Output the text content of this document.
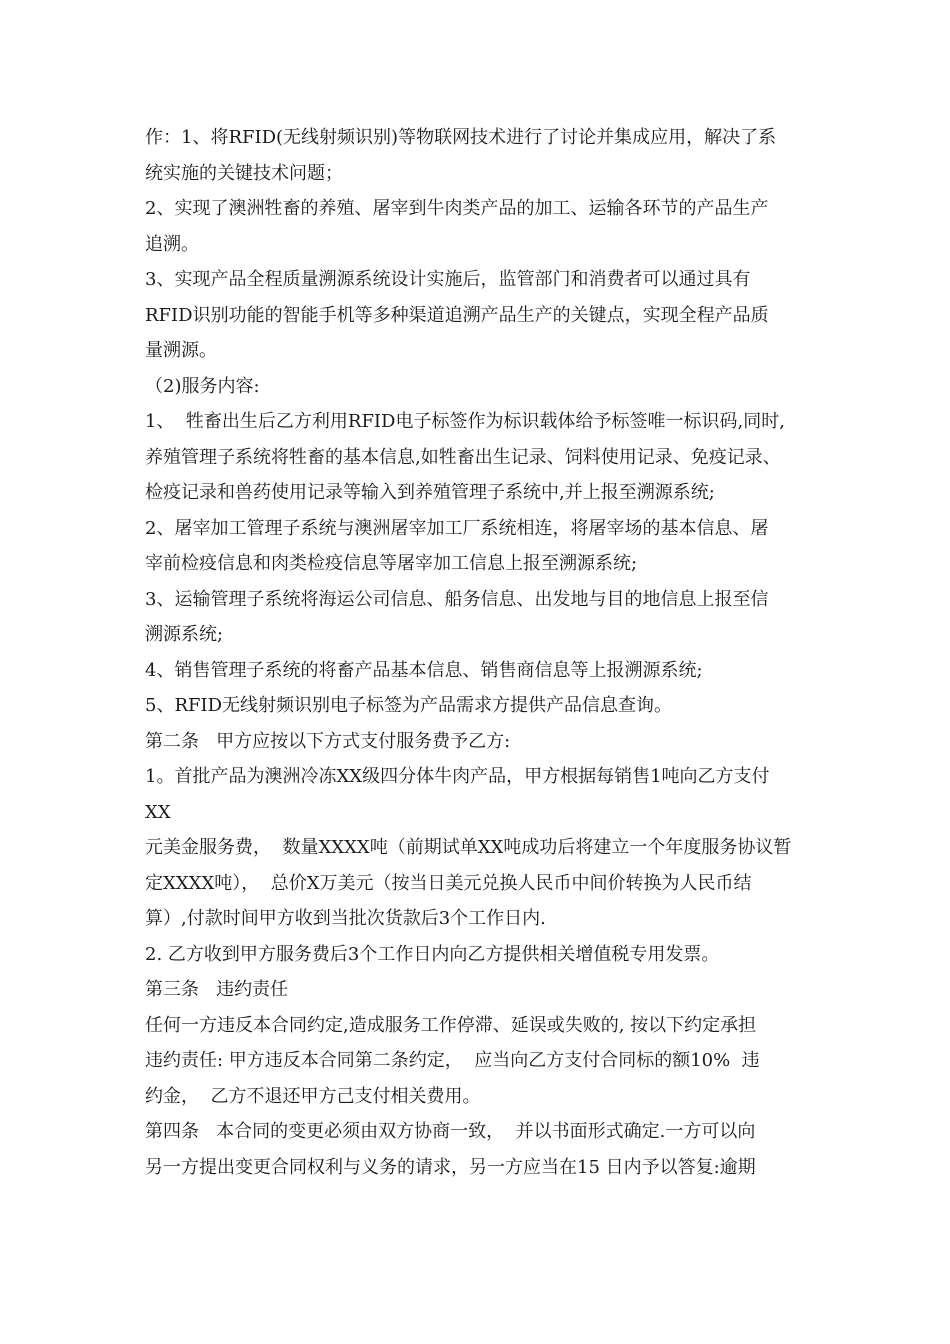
作：1、将RFID(无线射频识别)等物联网技术进行了讨论并集成应用，解决了系
统实施的关键技术问题；
2、实现了澳洲牲畜的养殖、屠宰到牛肉类产品的加工、运输各环节的产品生产
追溯。
3、实现产品全程质量溯源系统设计实施后，监管部门和消费者可以通过具有
RFID识别功能的智能手机等多种渠道追溯产品生产的关键点，实现全程产品质
量溯源。
（2)服务内容:
1、  牲畜出生后乙方利用RFID电子标签作为标识载体给予标签唯一标识码,同时,
养殖管理子系统将牲畜的基本信息,如牲畜出生记录、饲料使用记录、免疫记录、
检疫记录和兽药使用记录等输入到养殖管理子系统中,并上报至溯源系统;
2、屠宰加工管理子系统与澳洲屠宰加工厂系统相连，将屠宰场的基本信息、屠
宰前检疫信息和肉类检疫信息等屠宰加工信息上报至溯源系统;
3、运输管理子系统将海运公司信息、船务信息、出发地与目的地信息上报至信
溯源系统;
4、销售管理子系统的将畜产品基本信息、销售商信息等上报溯源系统;
5、RFID无线射频识别电子标签为产品需求方提供产品信息查询。
第二条   甲方应按以下方式支付服务费予乙方:
1。首批产品为澳洲冷冻XX级四分体牛肉产品，甲方根据每销售1吨向乙方支付
XX
元美金服务费，  数量XXXX吨（前期试单XX吨成功后将建立一个年度服务协议暂
定XXXX吨），  总价X万美元（按当日美元兑换人民币中间价转换为人民币结
算）,付款时间甲方收到当批次货款后3个工作日内.
2. 乙方收到甲方服务费后3个工作日内向乙方提供相关增值税专用发票。
第三条   违约责任
任何一方违反本合同约定,造成服务工作停滞、延误或失败的, 按以下约定承担
违约责任: 甲方违反本合同第二条约定，  应当向乙方支付合同标的额10%  违
约金，  乙方不退还甲方己支付相关费用。
第四条   本合同的变更必须由双方协商一致，  并以书面形式确定.一方可以向
另一方提出变更合同权利与义务的请求，另一方应当在15 日内予以答复:逾期
